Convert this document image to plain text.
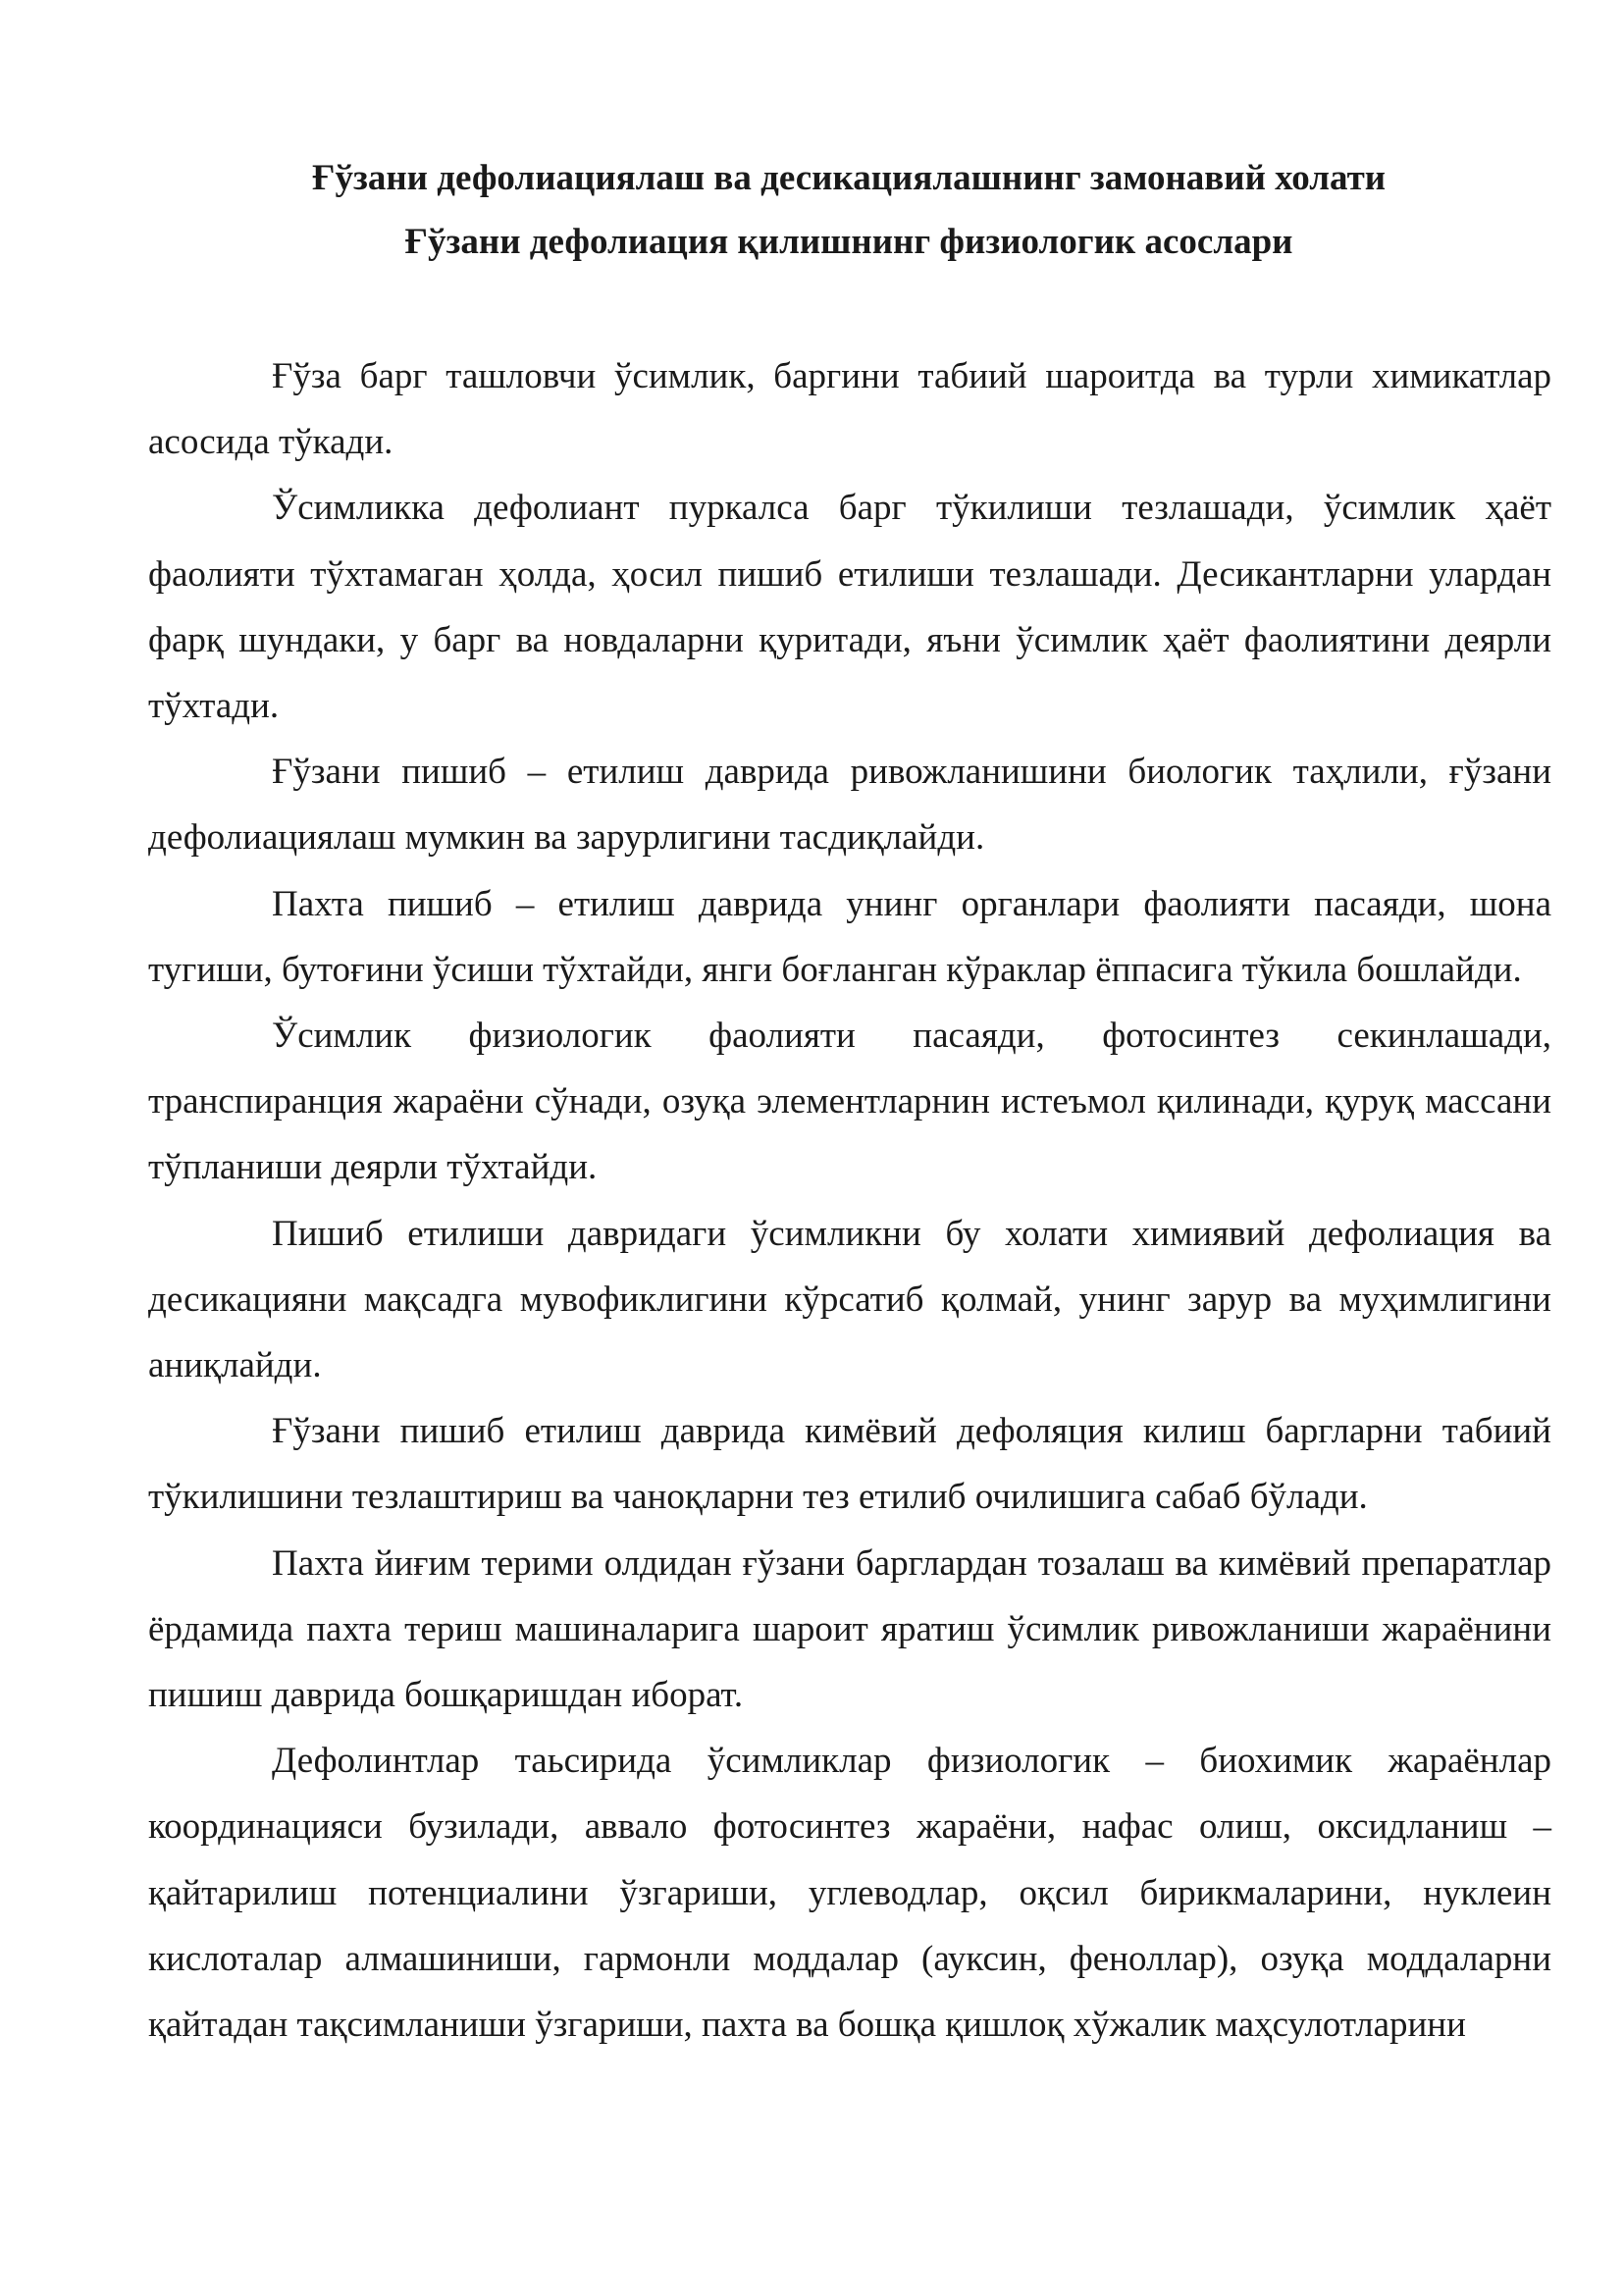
Ғўзани дефолиациялаш ва десикациялашнинг замонавий холати
Ғўзани дефолиация қилишнинг физиологик асослари

Ғўза барг ташловчи ўсимлик, баргини табиий шароитда ва турли химикатлар асосида тўкади.

Ўсимликка дефолиант пуркалса барг тўкилиши тезлашади, ўсимлик ҳаёт фаолияти тўхтамаган ҳолда, ҳосил пишиб етилиши тезлашади. Десикантларни улардан фарқ шундаки, у барг ва новдаларни қуритади, яъни ўсимлик ҳаёт фаолиятини деярли тўхтади.

Ғўзани пишиб – етилиш даврида ривожланишини биологик таҳлили, ғўзани дефолиациялаш мумкин ва зарурлигини тасдиқлайди.

Пахта пишиб – етилиш даврида унинг органлари фаолияти пасаяди, шона тугиши, бутоғини ўсиши тўхтайди, янги боғланган кўраклар ёппасига тўкила бошлайди.

Ўсимлик физиологик фаолияти пасаяди, фотосинтез секинлашади, транспиранция жараёни сўнади, озуқа элементларнин истеъмол қилинади, қуруқ массани тўпланиши деярли тўхтайди.

Пишиб етилиши давридаги ўсимликни бу холати химиявий дефолиация ва десикацияни мақсадга мувофиклигини кўрсатиб қолмай, унинг зарур ва муҳимлигини аниқлайди.

Ғўзани пишиб етилиш даврида кимёвий дефоляция килиш баргларни табиий тўкилишини тезлаштириш ва чаноқларни тез етилиб очилишига сабаб бўлади.

Пахта йиғим терими олдидан ғўзани барглардан тозалаш ва кимёвий препаратлар ёрдамида пахта териш машиналарига шароит яратиш ўсимлик ривожланиши жараёнини пишиш даврида бошқаришдан иборат.

Дефолинтлар таьсирида ўсимликлар физиологик – биохимик жараёнлар координацияси бузилади, аввало фотосинтез жараёни, нафас олиш, оксидланиш – қайтарилиш потенциалини ўзгариши, углеводлар, оқсил бирикмаларини, нуклеин кислоталар алмашиниши, гармонли моддалар (ауксин, феноллар), озуқа моддаларни қайтадан тақсимланиши ўзгариши, пахта ва бошқа қишлоқ хўжалик маҳсулотларини
